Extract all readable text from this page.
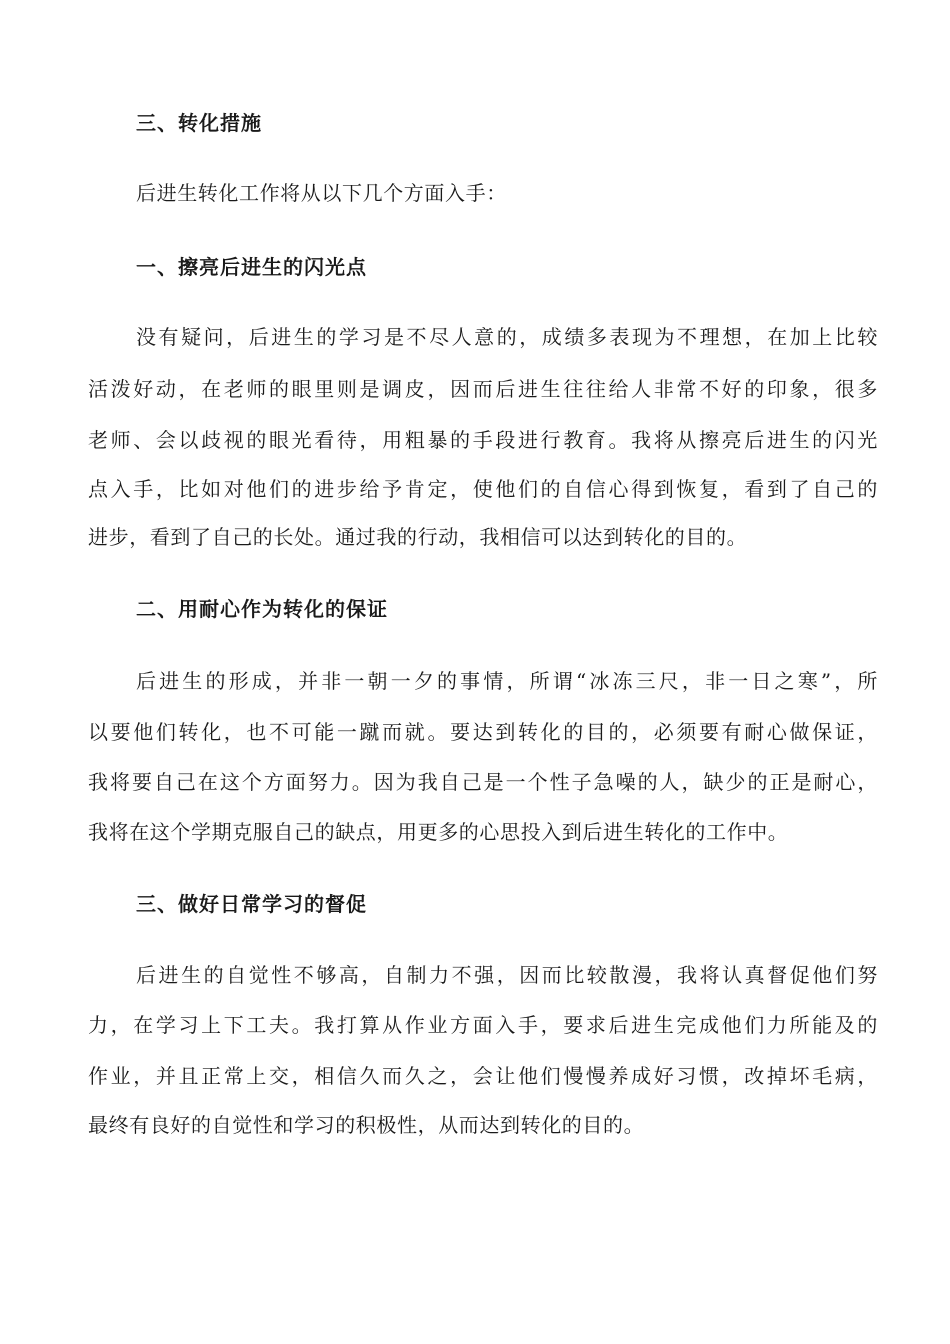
三、转化措施
后进生转化工作将从以下几个方面入手：
一、擦亮后进生的闪光点
没有疑问，后进生的学习是不尽人意的，成绩多表现为不理想，在加上比较
活泼好动，在老师的眼里则是调皮，因而后进生往往给人非常不好的印象，很多
老师、会以歧视的眼光看待，用粗暴的手段进行教育。我将从擦亮后进生的闪光
点入手，比如对他们的进步给予肯定，使他们的自信心得到恢复，看到了自己的
进步，看到了自己的长处。通过我的行动，我相信可以达到转化的目的。
二、用耐心作为转化的保证
后进生的形成，并非一朝一夕的事情，所谓“冰冻三尺，非一日之寒”，所
以要他们转化，也不可能一蹴而就。要达到转化的目的，必须要有耐心做保证，
我将要自己在这个方面努力。因为我自己是一个性子急噪的人，缺少的正是耐心，
我将在这个学期克服自己的缺点，用更多的心思投入到后进生转化的工作中。
三、做好日常学习的督促
后进生的自觉性不够高，自制力不强，因而比较散漫，我将认真督促他们努
力，在学习上下工夫。我打算从作业方面入手，要求后进生完成他们力所能及的
作业，并且正常上交，相信久而久之，会让他们慢慢养成好习惯，改掉坏毛病，
最终有良好的自觉性和学习的积极性，从而达到转化的目的。
